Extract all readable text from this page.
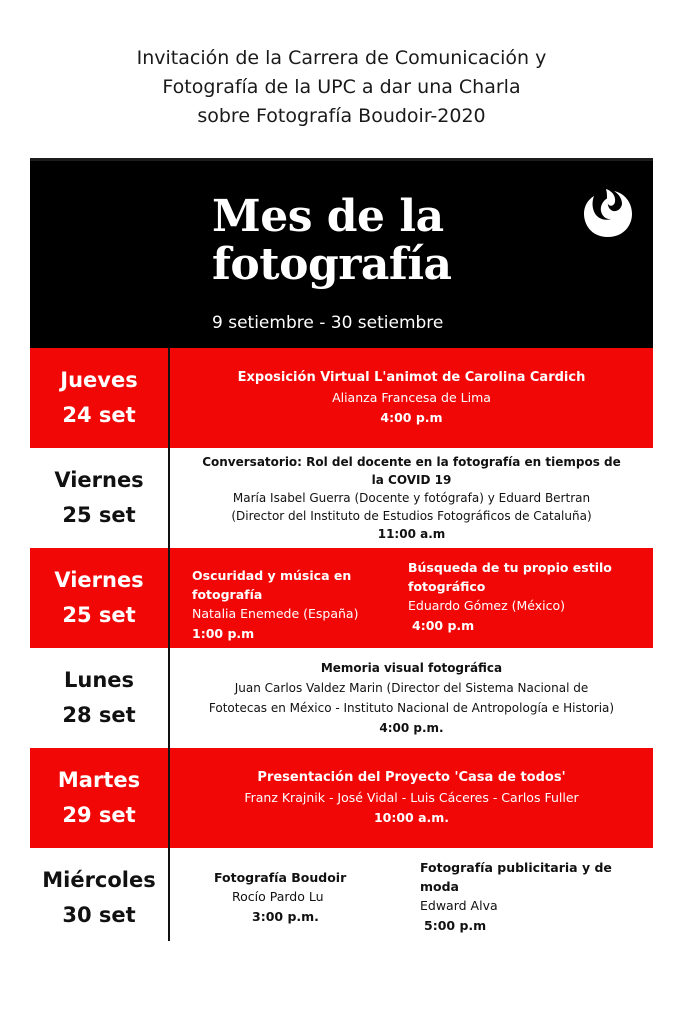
Invitación de la Carrera de Comunicación y
Fotografía de la UPC a dar una Charla
sobre Fotografía Boudoir-2020
Mes de la
fotografía
9 setiembre - 30 setiembre
Jueves
24 set
Exposición Virtual L'animot de Carolina Cardich
Alianza Francesa de Lima
4:00 p.m
Viernes
25 set
Conversatorio: Rol del docente en la fotografía en tiempos de
la COVID 19
María Isabel Guerra (Docente y fotógrafa) y Eduard Bertran
(Director del Instituto de Estudios Fotográficos de Cataluña)
11:00 a.m
Viernes
25 set
Oscuridad y música en
fotografía
Natalia Enemede (España)
1:00 p.m
Búsqueda de tu propio estilo
fotográfico
Eduardo Gómez (México)
4:00 p.m
Lunes
28 set
Memoria visual fotográfica
Juan Carlos Valdez Marin (Director del Sistema Nacional de
Fototecas en México - Instituto Nacional de Antropología e Historia)
4:00 p.m.
Martes
29 set
Presentación del Proyecto 'Casa de todos'
Franz Krajnik - José Vidal - Luis Cáceres - Carlos Fuller
10:00 a.m.
Miércoles
30 set
Fotografía Boudoir
Rocío Pardo Lu
3:00 p.m.
Fotografía publicitaria y de
moda
Edward Alva
5:00 p.m
